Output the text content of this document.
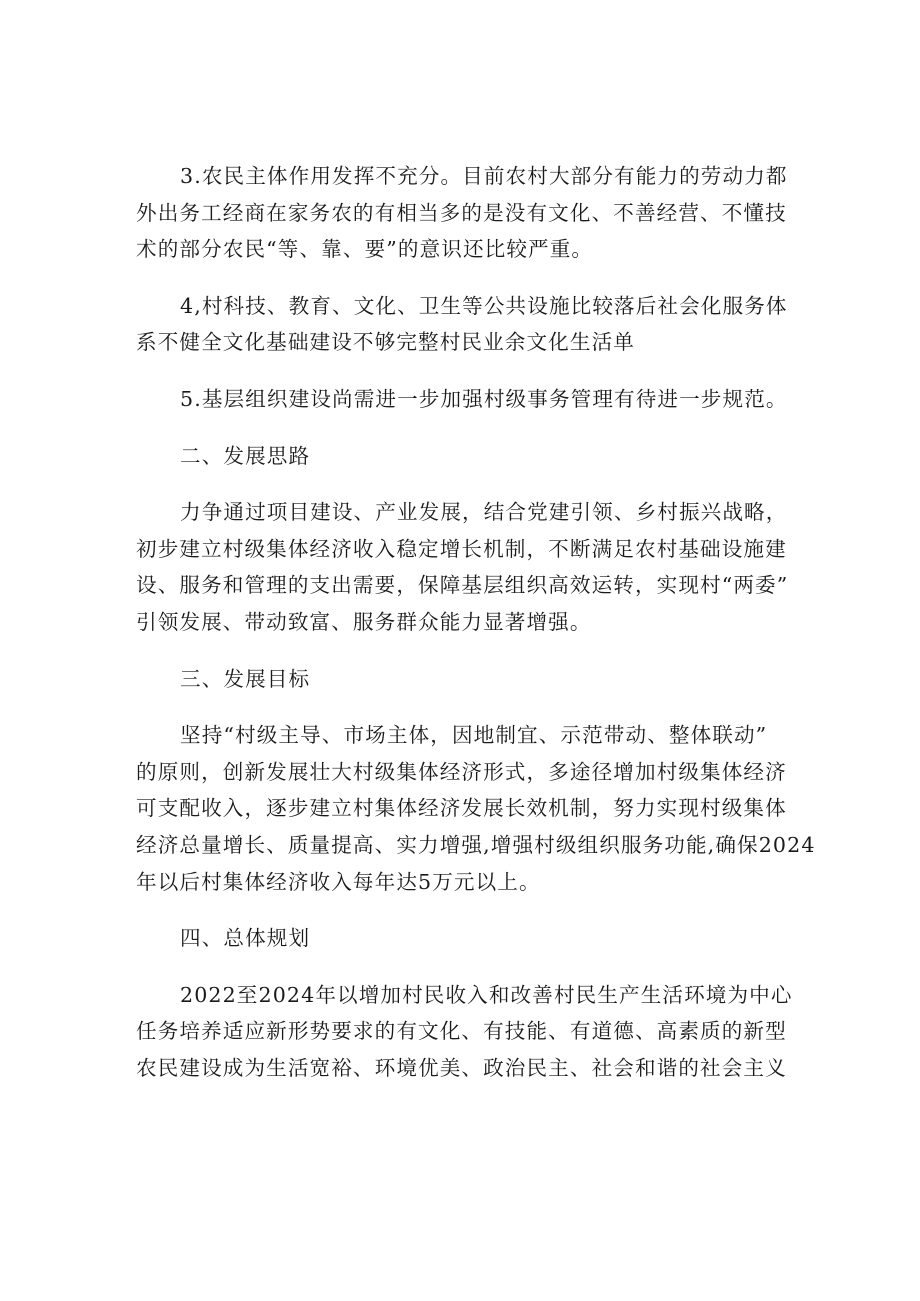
3.农民主体作用发挥不充分。目前农村大部分有能力的劳动力都
外出务工经商在家务农的有相当多的是没有文化、不善经营、不懂技
术的部分农民“等、靠、要”的意识还比较严重。

4,村科技、教育、文化、卫生等公共设施比较落后社会化服务体
系不健全文化基础建设不够完整村民业余文化生活单

5.基层组织建设尚需进一步加强村级事务管理有待进一步规范。

二、发展思路

力争通过项目建设、产业发展，结合党建引领、乡村振兴战略，
初步建立村级集体经济收入稳定增长机制，不断满足农村基础设施建
设、服务和管理的支出需要，保障基层组织高效运转，实现村“两委”
引领发展、带动致富、服务群众能力显著增强。

三、发展目标

坚持“村级主导、市场主体，因地制宜、示范带动、整体联动”
的原则，创新发展壮大村级集体经济形式，多途径增加村级集体经济
可支配收入，逐步建立村集体经济发展长效机制，努力实现村级集体
经济总量增长、质量提高、实力增强,增强村级组织服务功能,确保2024
年以后村集体经济收入每年达5万元以上。

四、总体规划

2022至2024年以增加村民收入和改善村民生产生活环境为中心
任务培养适应新形势要求的有文化、有技能、有道德、高素质的新型
农民建设成为生活宽裕、环境优美、政治民主、社会和谐的社会主义
